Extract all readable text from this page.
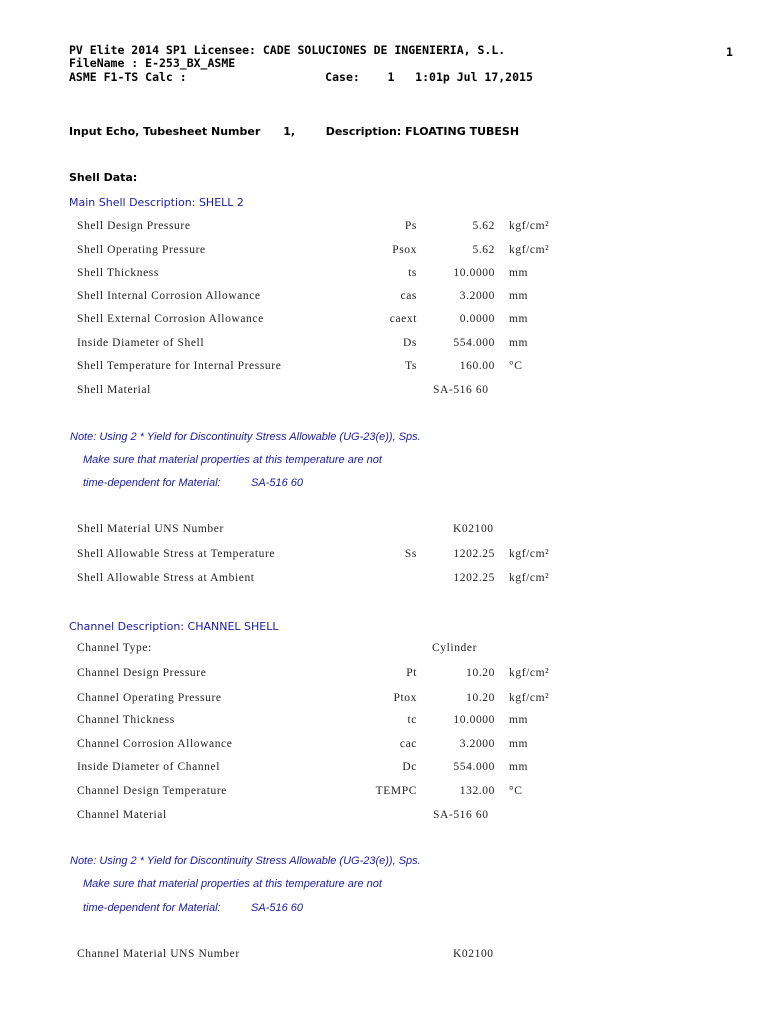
PV Elite 2014 SP1 Licensee: CADE SOLUCIONES DE INGENIERIA, S.L.
FileName : E-253_BX_ASME
ASME F1-TS Calc :                    Case:    1   1:01p Jul 17,2015
1
Input Echo, Tubesheet Number      1,        Description: FLOATING TUBESH
Shell Data:
Main Shell Description: SHELL 2
Shell Design Pressure	Ps	5.62 kgf/cm²
Shell Operating Pressure	Psox	5.62 kgf/cm²
Shell Thickness	ts	10.0000 mm
Shell Internal Corrosion Allowance	cas	3.2000 mm
Shell External Corrosion Allowance	caext	0.0000 mm
Inside Diameter of Shell	Ds	554.000 mm
Shell Temperature for Internal Pressure	Ts	160.00 °C
Shell Material	SA-516 60
Note: Using 2 * Yield for Discontinuity Stress Allowable (UG-23(e)), Sps.
Make sure that material properties at this temperature are not
time-dependent for Material:	SA-516 60
Shell Material UNS Number	K02100
Shell Allowable Stress at Temperature	Ss	1202.25 kgf/cm²
Shell Allowable Stress at Ambient	1202.25 kgf/cm²
Channel Description: CHANNEL SHELL
Channel Type:	Cylinder
Channel Design Pressure	Pt	10.20 kgf/cm²
Channel Operating Pressure	Ptox	10.20 kgf/cm²
Channel Thickness	tc	10.0000 mm
Channel Corrosion Allowance	cac	3.2000 mm
Inside Diameter of Channel	Dc	554.000 mm
Channel Design Temperature	TEMPC	132.00 °C
Channel Material	SA-516 60
Note: Using 2 * Yield for Discontinuity Stress Allowable (UG-23(e)), Sps.
Make sure that material properties at this temperature are not
time-dependent for Material:	SA-516 60
Channel Material UNS Number	K02100
